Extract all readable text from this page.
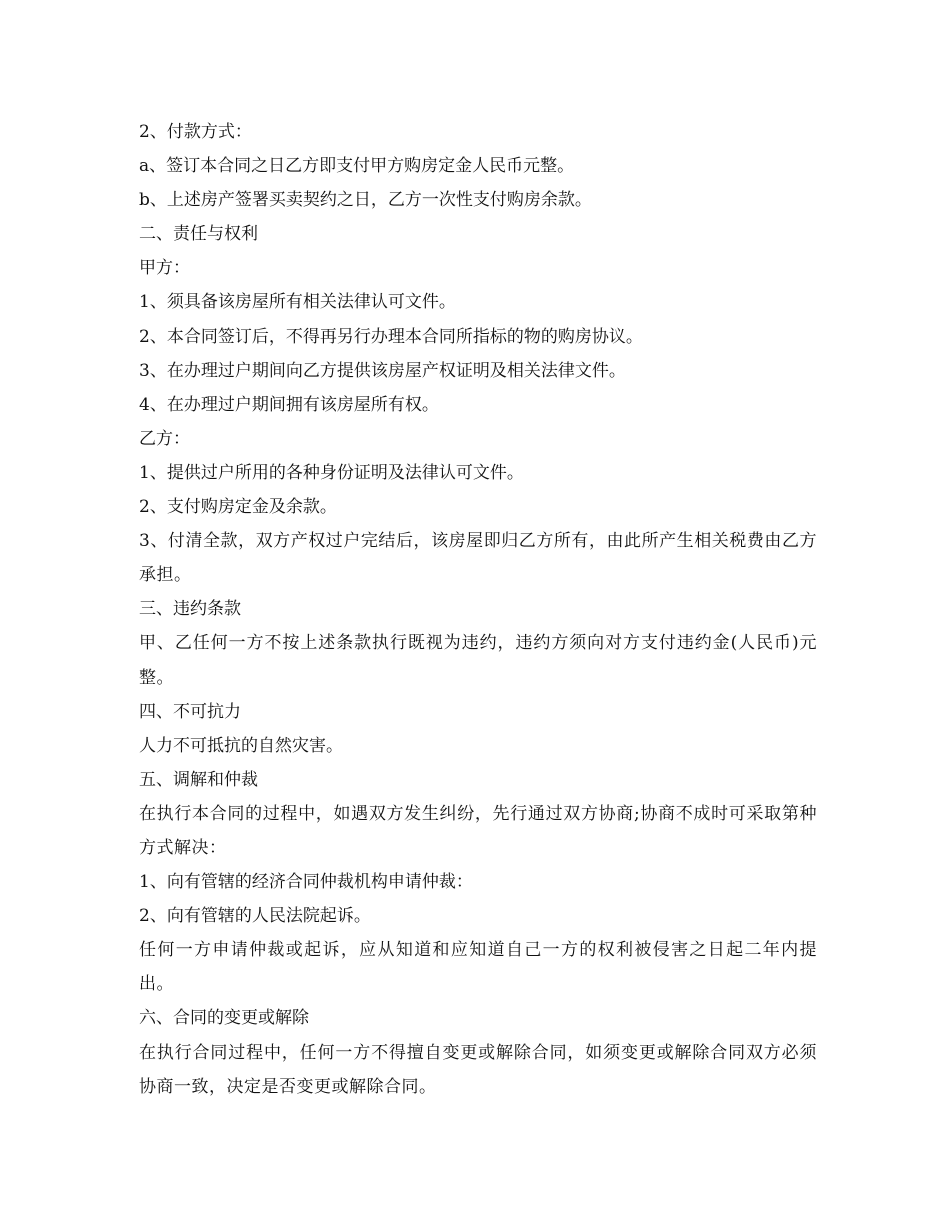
2、付款方式：

a、签订本合同之日乙方即支付甲方购房定金人民币元整。

b、上述房产签署买卖契约之日，乙方一次性支付购房余款。

二、责任与权利

甲方：

1、须具备该房屋所有相关法律认可文件。

2、本合同签订后，不得再另行办理本合同所指标的物的购房协议。

3、在办理过户期间向乙方提供该房屋产权证明及相关法律文件。

4、在办理过户期间拥有该房屋所有权。

乙方：

1、提供过户所用的各种身份证明及法律认可文件。

2、支付购房定金及余款。

3、付清全款，双方产权过户完结后，该房屋即归乙方所有，由此所产生相关税费由乙方承担。

三、违约条款

甲、乙任何一方不按上述条款执行既视为违约，违约方须向对方支付违约金(人民币)元整。

四、不可抗力

人力不可抵抗的自然灾害。

五、调解和仲裁

在执行本合同的过程中，如遇双方发生纠纷，先行通过双方协商;协商不成时可采取第种方式解决：

1、向有管辖的经济合同仲裁机构申请仲裁：

2、向有管辖的人民法院起诉。

任何一方申请仲裁或起诉，应从知道和应知道自己一方的权利被侵害之日起二年内提出。

六、合同的变更或解除

在执行合同过程中，任何一方不得擅自变更或解除合同，如须变更或解除合同双方必须协商一致，决定是否变更或解除合同。
